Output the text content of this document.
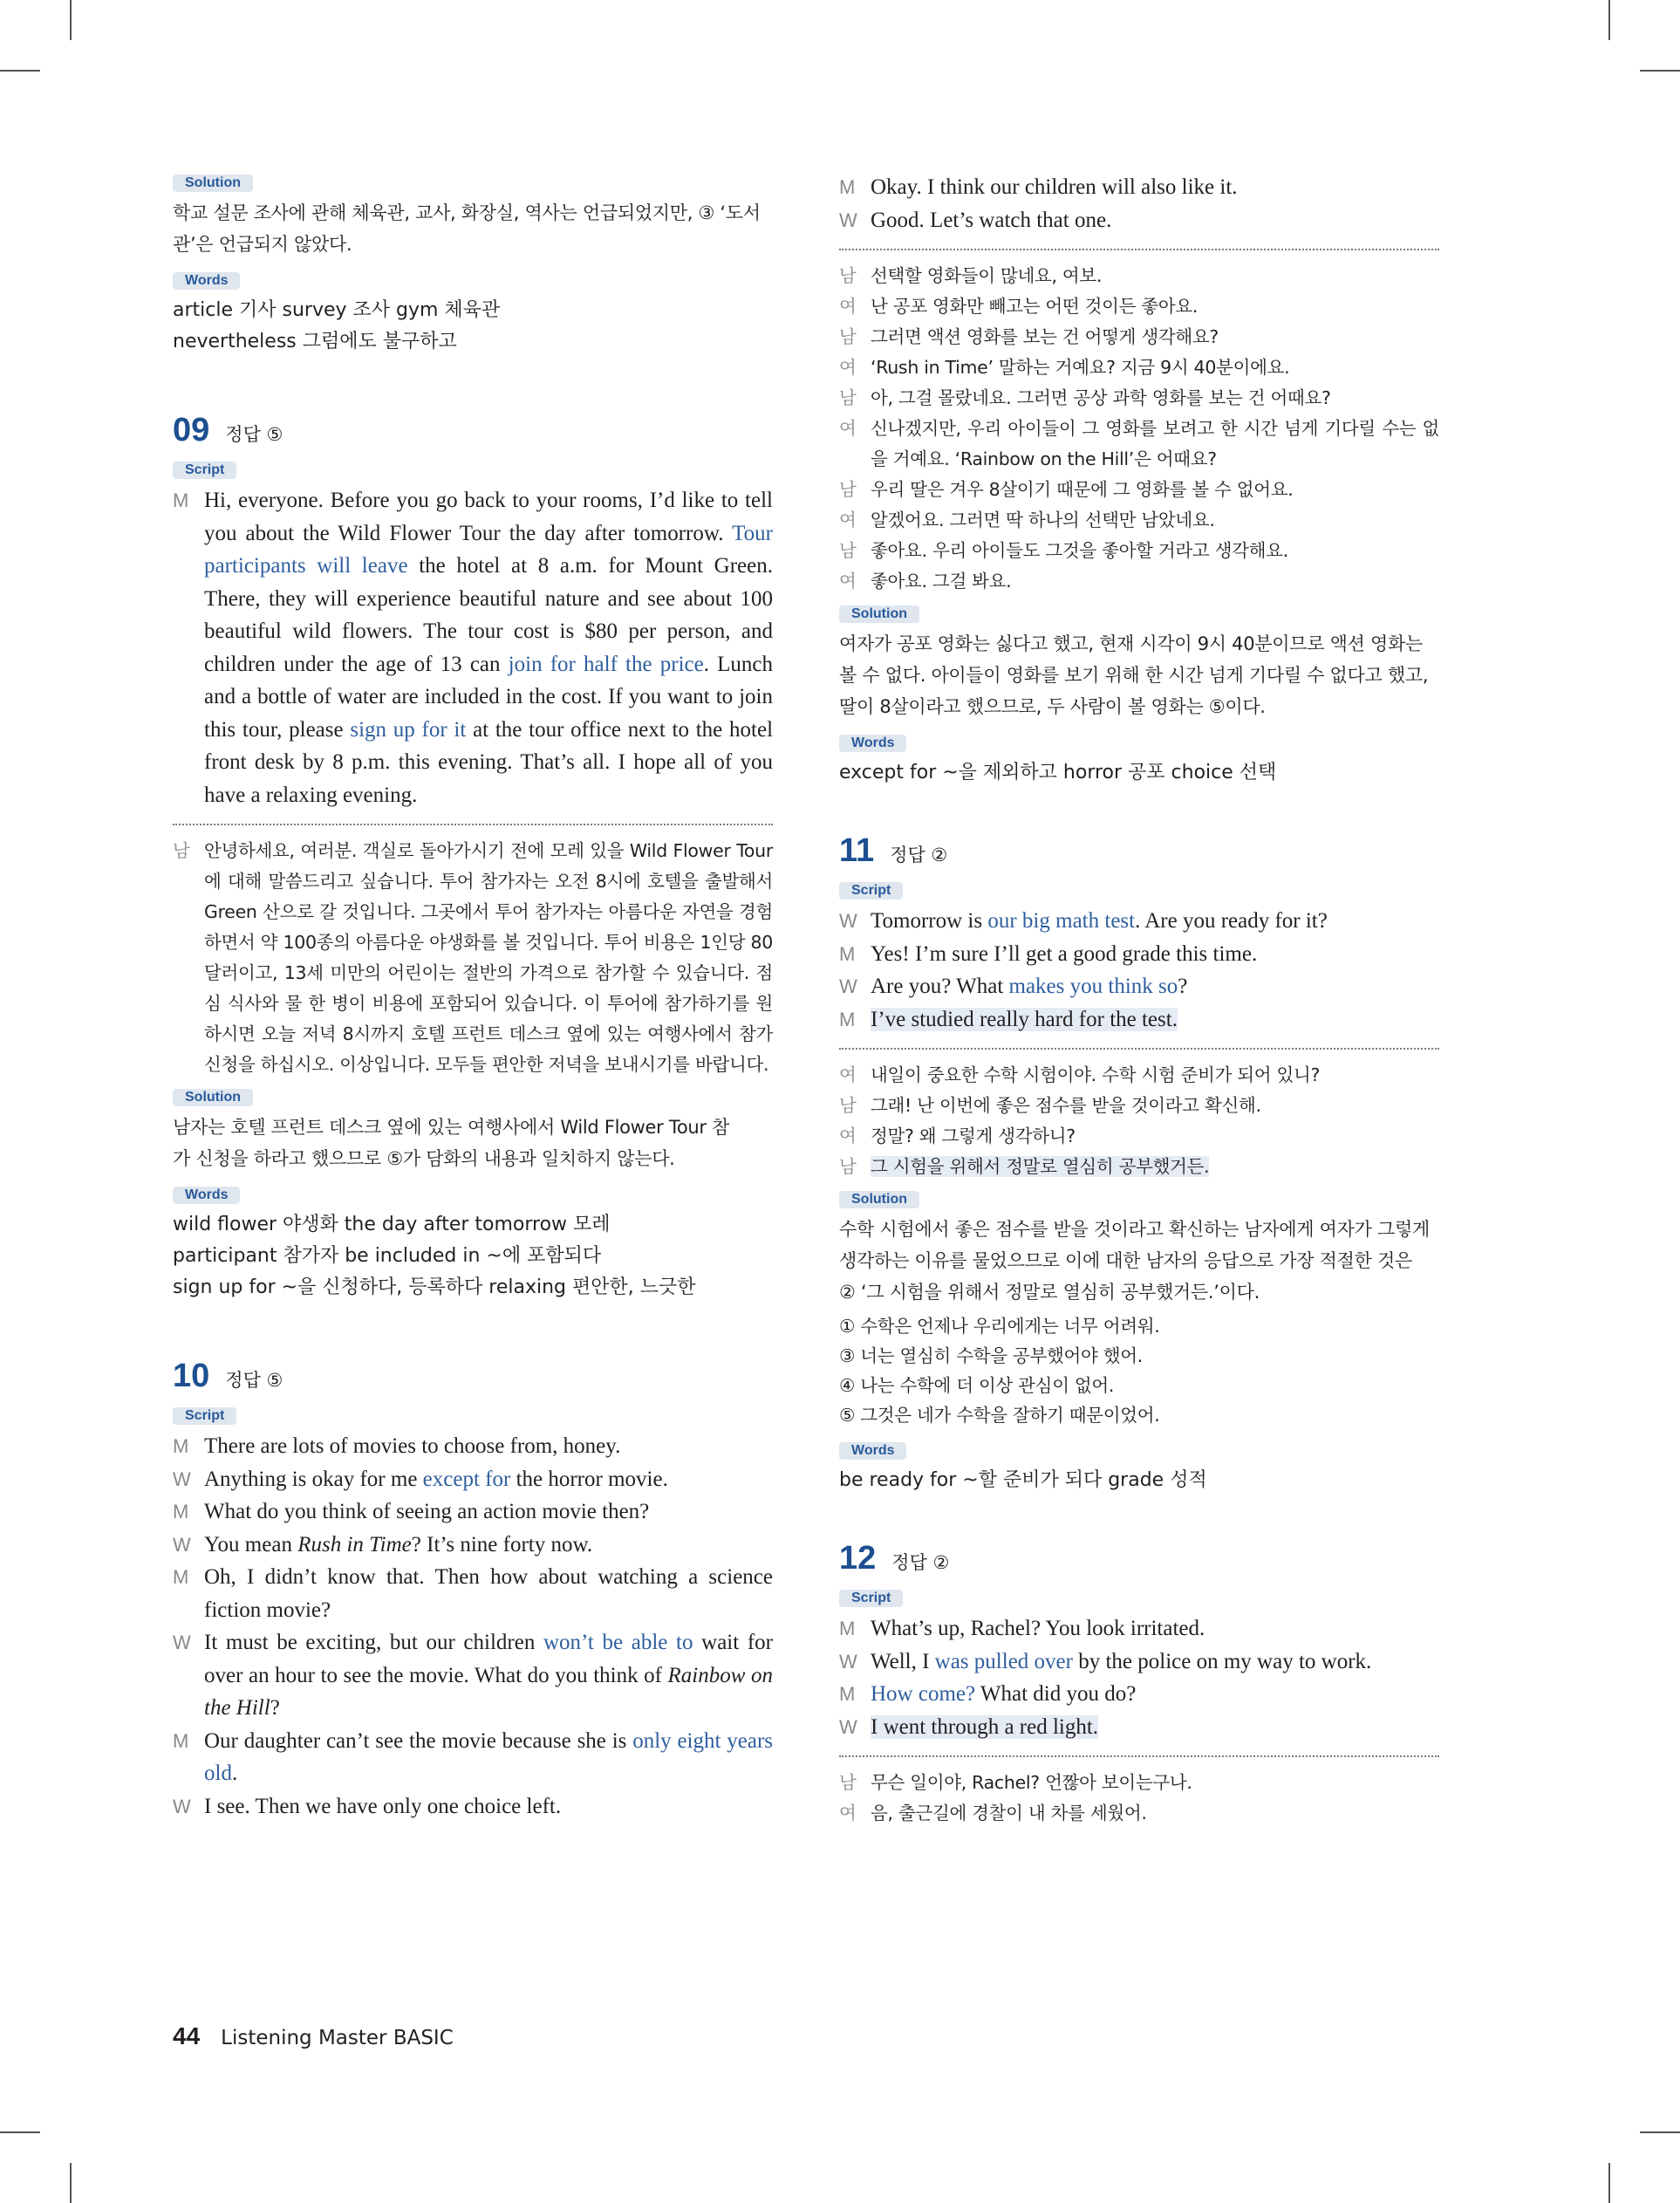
Solution

학교 설문 조사에 관해 체육관, 교사, 화장실, 역사는 언급되었지만, ③ ‘도서

관’은 언급되지 않았다.

Words

article 기사 survey 조사 gym 체육관

nevertheless 그럼에도 불구하고

09 정답 ⑤
Script
M Hi, everyone. Before you go back to your rooms, I’d like to tell you about the Wild Flower Tour the day after tomorrow. Tour participants will leave the hotel at 8 a.m. for Mount Green. There, they will experience beautiful nature and see about 100 beautiful wild flowers. The tour cost is $80 per person, and children under the age of 13 can join for half the price. Lunch and a bottle of water are included in the cost. If you want to join this tour, please sign up for it at the tour office next to the hotel front desk by 8 p.m. this evening. That’s all. I hope all of you have a relaxing evening.
남 안녕하세요, 여러분. 객실로 돌아가시기 전에 모레 있을 Wild Flower Tour에 대해 말씀드리고 싶습니다. 투어 참가자는 오전 8시에 호텔을 출발해서 Green 산으로 갈 것입니다. 그곳에서 투어 참가자는 아름다운 자연을 경험하면서 약 100종의 아름다운 야생화를 볼 것입니다. 투어 비용은 1인당 80달러이고, 13세 미만의 어린이는 절반의 가격으로 참가할 수 있습니다. 점심 식사와 물 한 병이 비용에 포함되어 있습니다. 이 투어에 참가하기를 원하시면 오늘 저녁 8시까지 호텔 프런트 데스크 옆에 있는 여행사에서 참가 신청을 하십시오. 이상입니다. 모두들 편안한 저녁을 보내시기를 바랍니다.
Solution

남자는 호텔 프런트 데스크 옆에 있는 여행사에서 Wild Flower Tour 참

가 신청을 하라고 했으므로 ⑤가 담화의 내용과 일치하지 않는다.

Words

wild flower 야생화 the day after tomorrow 모레

participant 참가자 be included in ~에 포함되다

sign up for ~을 신청하다, 등록하다 relaxing 편안한, 느긋한

10 정답 ⑤
Script
M There are lots of movies to choose from, honey.
W Anything is okay for me except for the horror movie.
M What do you think of seeing an action movie then?
W You mean Rush in Time? It’s nine forty now.
M Oh, I didn’t know that. Then how about watching a science fiction movie?
W It must be exciting, but our children won’t be able to wait for over an hour to see the movie. What do you think of Rainbow on the Hill?
M Our daughter can’t see the movie because she is only eight years old.
W I see. Then we have only one choice left.
M Okay. I think our children will also like it.
W Good. Let’s watch that one.
남 선택할 영화들이 많네요, 여보.
여 난 공포 영화만 빼고는 어떤 것이든 좋아요.
남 그러면 액션 영화를 보는 건 어떻게 생각해요?
여 ‘Rush in Time’ 말하는 거예요? 지금 9시 40분이에요.
남 아, 그걸 몰랐네요. 그러면 공상 과학 영화를 보는 건 어때요?
여 신나겠지만, 우리 아이들이 그 영화를 보려고 한 시간 넘게 기다릴 수는 없을 거예요. ‘Rainbow on the Hill’은 어때요?
남 우리 딸은 겨우 8살이기 때문에 그 영화를 볼 수 없어요.
여 알겠어요. 그러면 딱 하나의 선택만 남았네요.
남 좋아요. 우리 아이들도 그것을 좋아할 거라고 생각해요.
여 좋아요. 그걸 봐요.
Solution

여자가 공포 영화는 싫다고 했고, 현재 시각이 9시 40분이므로 액션 영화는

볼 수 없다. 아이들이 영화를 보기 위해 한 시간 넘게 기다릴 수 없다고 했고,

딸이 8살이라고 했으므로, 두 사람이 볼 영화는 ⑤이다.

Words

except for ~을 제외하고 horror 공포 choice 선택

11 정답 ②
Script
W Tomorrow is our big math test. Are you ready for it?
M Yes! I’m sure I’ll get a good grade this time.
W Are you? What makes you think so?
M I’ve studied really hard for the test.
여 내일이 중요한 수학 시험이야. 수학 시험 준비가 되어 있니?
남 그래! 난 이번에 좋은 점수를 받을 것이라고 확신해.
여 정말? 왜 그렇게 생각하니?
남 그 시험을 위해서 정말로 열심히 공부했거든.
Solution

수학 시험에서 좋은 점수를 받을 것이라고 확신하는 남자에게 여자가 그렇게

생각하는 이유를 물었으므로 이에 대한 남자의 응답으로 가장 적절한 것은

② ‘그 시험을 위해서 정말로 열심히 공부했거든.’이다.

① 수학은 언제나 우리에게는 너무 어려워.

③ 너는 열심히 수학을 공부했어야 했어.

④ 나는 수학에 더 이상 관심이 없어.

⑤ 그것은 네가 수학을 잘하기 때문이었어.

Words

be ready for ~할 준비가 되다 grade 성적

12 정답 ②
Script
M What’s up, Rachel? You look irritated.
W Well, I was pulled over by the police on my way to work.
M How come? What did you do?
W I went through a red light.
남 무슨 일이야, Rachel? 언짢아 보이는구나.
여 음, 출근길에 경찰이 내 차를 세웠어.
44 Listening Master BASIC
